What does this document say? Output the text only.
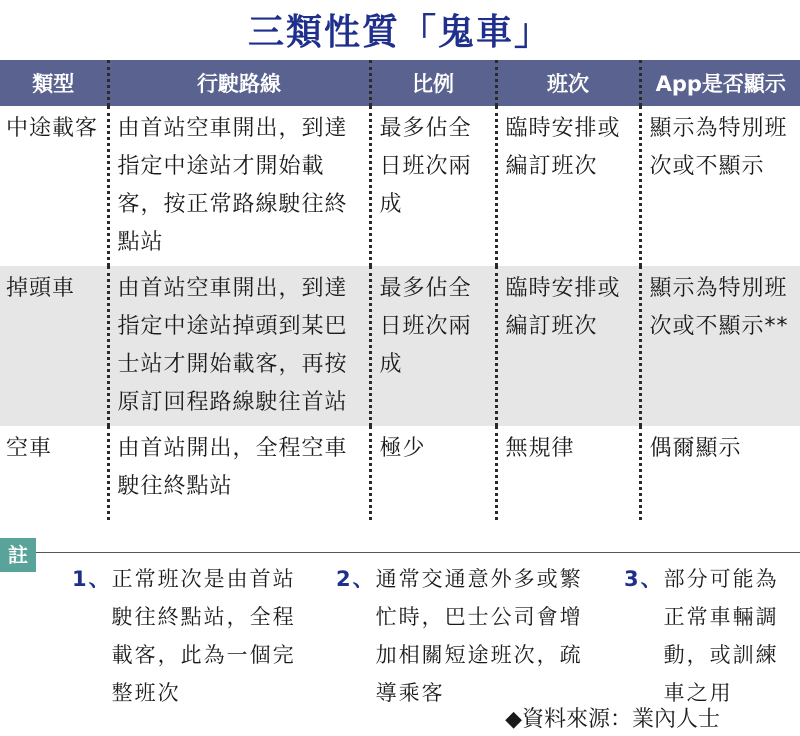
三類性質「鬼車」
類型	行駛路線	比例	班次	App是否顯示
中途載客	由首站空車開出，到達指定中途站才開始載客，按正常路線駛往終點站	最多佔全日班次兩成	臨時安排或編訂班次	顯示為特別班次或不顯示
掉頭車	由首站空車開出，到達指定中途站掉頭到某巴士站才開始載客，再按原訂回程路線駛往首站	最多佔全日班次兩成	臨時安排或編訂班次	顯示為特別班次或不顯示**
空車	由首站開出，全程空車駛往終點站	極少	無規律	偶爾顯示
註
1、正常班次是由首站駛往終點站，全程載客，此為一個完整班次
2、通常交通意外多或繁忙時，巴士公司會增加相關短途班次，疏導乘客
3、部分可能為正常車輛調動，或訓練車之用
◆資料來源：業內人士
